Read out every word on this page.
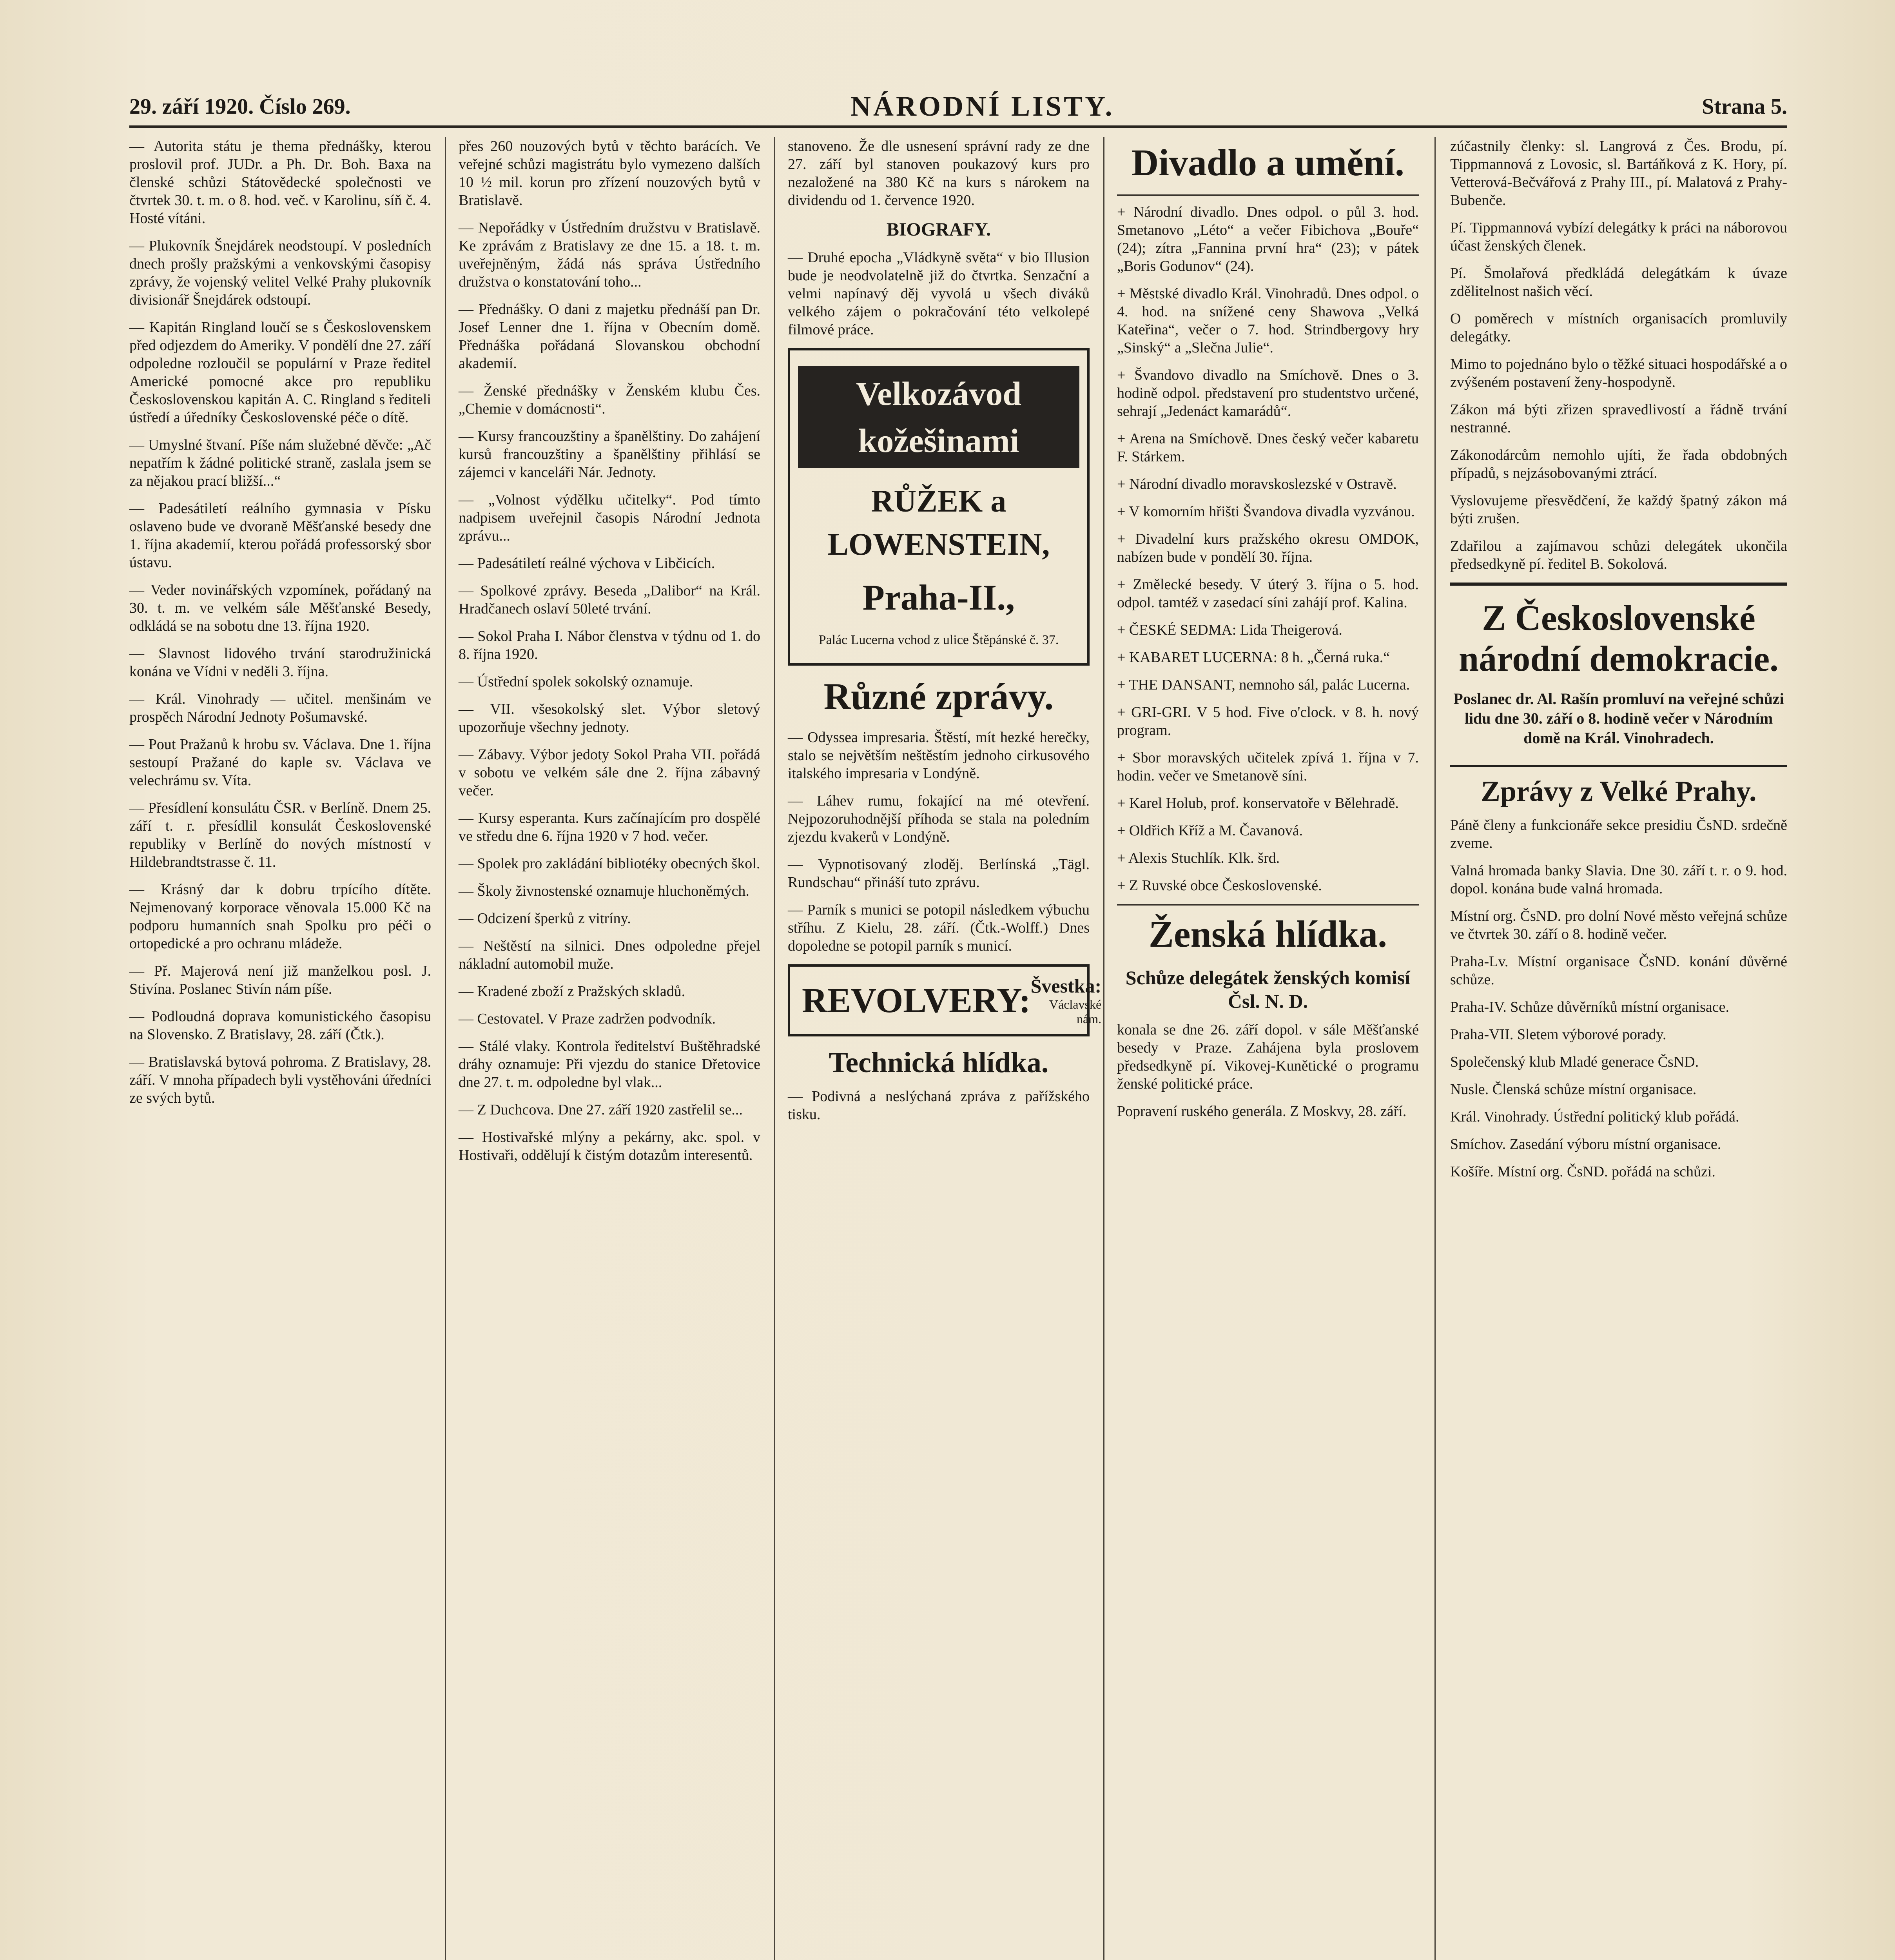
29. září 1920. Číslo 269.	NÁRODNÍ LISTY.	Strana 5.

— Autorita státu je thema přednášky, kterou proslovil prof. JUDr. a Ph. Dr. Boh. Baxa na členské schůzi Státovědecké společnosti ve čtvrtek 30. t. m. o 8. hod. več. v Karolinu, síň č. 4. Hosté vítáni.

— Plukovník Šnejdárek neodstoupí. V posledních dnech prošly pražskými a venkovskými časopisy zprávy, že vojenský velitel Velké Prahy plukovník divisionář Šnejdárek odstoupí.

— Kapitán Ringland loučí se s Československem před odjezdem do Ameriky. V pondělí dne 27. září odpoledne rozloučil se populární v Praze ředitel Americké pomocné akce pro republiku Československou kapitán A. C. Ringland s řediteli ústředí a úředníky Československé péče o dítě.

— Umyslné štvaní. Píše nám služebné děvče: „Ač nepatřím k žádné politické straně, zaslala jsem se za nějakou prací bližší...“

— Padesátiletí reálního gymnasia v Písku oslaveno bude ve dvoraně Měšťanské besedy dne 1. října akademií, kterou pořádá professorský sbor ústavu.

— Veder novinářských vzpomínek, pořádaný na 30. t. m. ve velkém sále Měšťanské Besedy, odkládá se na sobotu dne 13. října 1920.

— Slavnost lidového trvání starodružinická konána ve Vídni v neděli 3. října.

— Král. Vinohrady — učitel. menšinám ve prospěch Národní Jednoty Pošumavské.

— Pout Pražanů k hrobu sv. Václava. Dne 1. října sestoupí Pražané do kaple sv. Václava ve velechrámu sv. Víta.

— Přesídlení konsulátu ČSR. v Berlíně. Dnem 25. září t. r. přesídlil konsulát Československé republiky v Berlíně do nových místností v Hildebrandtstrasse č. 11.

— Krásný dar k dobru trpícího dítěte. Nejmenovaný korporace věnovala 15.000 Kč na podporu humanních snah Spolku pro péči o ortopedické a pro ochranu mládeže.

— Př. Majerová není již manželkou posl. J. Stivína. Poslanec Stivín nám píše.

— Podloudná doprava komunistického časopisu na Slovensko. Z Bratislavy, 28. září (Čtk.).

— Bratislavská bytová pohroma. Z Bratislavy, 28. září. V mnoha případech byli vystěhováni úředníci ze svých bytů.

přes 260 nouzových bytů v těchto barácích. Ve veřejné schůzi magistrátu bylo vymezeno dalších 10 ½ mil. korun pro zřízení nouzových bytů v Bratislavě.

— Nepořádky v Ústředním družstvu v Bratislavě. Ke zprávám z Bratislavy ze dne 15. a 18. t. m. uveřejněným, žádá nás správa Ústředního družstva o konstatování toho...

— Přednášky. O dani z majetku přednáší pan Dr. Josef Lenner dne 1. října v Obecním domě. Přednáška pořádaná Slovanskou obchodní akademií.

— Ženské přednášky v Ženském klubu Čes. „Chemie v domácnosti“.

— Kursy francouzštiny a španělštiny. Do zahájení kursů francouzštiny a španělštiny přihlásí se zájemci v kanceláři Nár. Jednoty.

— „Volnost výdělku učitelky“. Pod tímto nadpisem uveřejnil časopis Národní Jednota zprávu...

— Padesátiletí reálné výchova v Libčicích.

— Spolkové zprávy. Beseda „Dalibor“ na Král. Hradčanech oslaví 50leté trvání.

— Sokol Praha I. Nábor členstva v týdnu od 1. do 8. října 1920.

— Ústřední spolek sokolský oznamuje.

— VII. všesokolský slet. Výbor sletový upozorňuje všechny jednoty.

— Zábavy. Výbor jedoty Sokol Praha VII. pořádá v sobotu ve velkém sále dne 2. října zábavný večer.

— Kursy esperanta. Kurs začínajícím pro dospělé ve středu dne 6. října 1920 v 7 hod. večer.

— Spolek pro zakládání bibliotéky obecných škol.

— Školy živnostenské oznamuje hluchoněmých.

— Odcizení šperků z vitríny.

— Neštěstí na silnici. Dnes odpoledne přejel nákladní automobil muže.

— Kradené zboží z Pražských skladů.

— Cestovatel. V Praze zadržen podvodník.

— Stálé vlaky. Kontrola ředitelství Buštěhradské dráhy oznamuje: Při vjezdu do stanice Dřetovice dne 27. t. m. odpoledne byl vlak...

— Z Duchcova. Dne 27. září 1920 zastřelil se...

— Hostivařské mlýny a pekárny, akc. spol. v Hostivaři, oddělují k čistým dotazům interesentů.

stanoveno. Že dle usnesení správní rady ze dne 27. září byl stanoven poukazový kurs pro nezaložené na 380 Kč na kurs s nárokem na dividendu od 1. července 1920.

BIOGRAFY.

— Druhé epocha „Vládkyně světa“ v bio Illusion bude je neodvolatelně již do čtvrtka. Senzační a velmi napínavý děj vyvolá u všech diváků velkého zájem o pokračování této velkolepé filmové práce.

Velkozávod kožešinami
RŮŽEK a LOWENSTEIN,
Praha-II.,
Palác Lucerna vchod z ulice Štěpánské č. 37.
Různé zprávy.

— Odyssea impresaria. Štěstí, mít hezké herečky, stalo se největším neštěstím jednoho cirkusového italského impresaria v Londýně.

— Láhev rumu, fokající na mé otevření. Nejpozoruhodnější příhoda se stala na poledním zjezdu kvakerů v Londýně.

— Vypnotisovaný zloděj. Berlínská „Tägl. Rundschau“ přináší tuto zprávu.

— Parník s munici se potopil následkem výbuchu stříhu. Z Kielu, 28. září. (Čtk.-Wolff.) Dnes dopoledne se potopil parník s municí.

REVOLVERY: Švestka:
Václavské nám.
Technická hlídka.

— Podivná a neslýchaná zpráva z pařížského tisku.

Divadlo a umění.

+ Národní divadlo. Dnes odpol. o půl 3. hod. Smetanovo „Léto“ a večer Fibichova „Bouře“ (24); zítra „Fannina první hra“ (23); v pátek „Boris Godunov“ (24).

+ Městské divadlo Král. Vinohradů. Dnes odpol. o 4. hod. na snížené ceny Shawova „Velká Kateřina“, večer o 7. hod. Strindbergovy hry „Sinský“ a „Slečna Julie“.

+ Švandovo divadlo na Smíchově. Dnes o 3. hodině odpol. představení pro studentstvo určené, sehrají „Jedenáct kamarádů“.

+ Arena na Smíchově. Dnes český večer kabaretu F. Stárkem.

+ Národní divadlo moravskoslezské v Ostravě.

+ V komorním hřišti Švandova divadla vyzvánou.

+ Divadelní kurs pražského okresu OMDOK, nabízen bude v pondělí 30. října.

+ Změlecké besedy. V úterý 3. října o 5. hod. odpol. tamtéž v zasedací síni zahájí prof. Kalina.

+ ČESKÉ SEDMA: Lida Theigerová.

+ KABARET LUCERNA: 8 h. „Černá ruka.“

+ THE DANSANT, nemnoho sál, palác Lucerna.

+ GRI-GRI. V 5 hod. Five o'clock. v 8. h. nový program.

+ Sbor moravských učitelek zpívá 1. října v 7. hodin. večer ve Smetanově síni.

+ Karel Holub, prof. konservatoře v Bělehradě.

+ Oldřich Kříž a M. Čavanová.

+ Alexis Stuchlík. Klk. šrd.

+ Z Ruvské obce Československé.

Ženská hlídka.
Schůze delegátek ženských komisí Čsl. N. D.

konala se dne 26. září dopol. v sále Měšťanské besedy v Praze. Zahájena byla proslovem předsedkyně pí. Vikovej-Kunětické o programu ženské politické práce.

Popravení ruského generála. Z Moskvy, 28. září.

zúčastnily členky: sl. Langrová z Čes. Brodu, pí. Tippmannová z Lovosic, sl. Bartáňková z K. Hory, pí. Vetterová-Bečvářová z Prahy III., pí. Malatová z Prahy-Bubenče.

Pí. Tippmannová vybízí delegátky k práci na náborovou účast ženských členek.

Pí. Šmolařová předkládá delegátkám k úvaze zdělitelnost našich věcí.

O poměrech v místních organisacích promluvily delegátky.

Mimo to pojednáno bylo o těžké situaci hospodářské a o zvýšeném postavení ženy-hospodyně.

Zákon má býti zřizen spravedlivostí a řádně trvání nestranné.

Zákonodárcům nemohlo ujíti, že řada obdobných případů, s nejzásobovanými ztrácí.

Vyslovujeme přesvědčení, že každý špatný zákon má býti zrušen.

Zdařilou a zajímavou schůzi delegátek ukončila předsedkyně pí. ředitel B. Sokolová.

Z Československé národní demokracie.

Poslanec dr. Al. Rašín promluví na veřejné schůzi lidu dne 30. září o 8. hodině večer v Národním domě na Král. Vinohradech.

Zprávy z Velké Prahy.

Páně členy a funkcionáře sekce presidiu ČsND. srdečně zveme.

Valná hromada banky Slavia. Dne 30. září t. r. o 9. hod. dopol. konána bude valná hromada.

Místní org. ČsND. pro dolní Nové město veřejná schůze ve čtvrtek 30. září o 8. hodině večer.

Praha-Lv. Místní organisace ČsND. konání důvěrné schůze.

Praha-IV. Schůze důvěrníků místní organisace.

Praha-VII. Sletem výborové porady.

Společenský klub Mladé generace ČsND.

Nusle. Členská schůze místní organisace.

Král. Vinohrady. Ústřední politický klub pořádá.

Smíchov. Zasedání výboru místní organisace.

Košíře. Místní org. ČsND. pořádá na schůzi.
